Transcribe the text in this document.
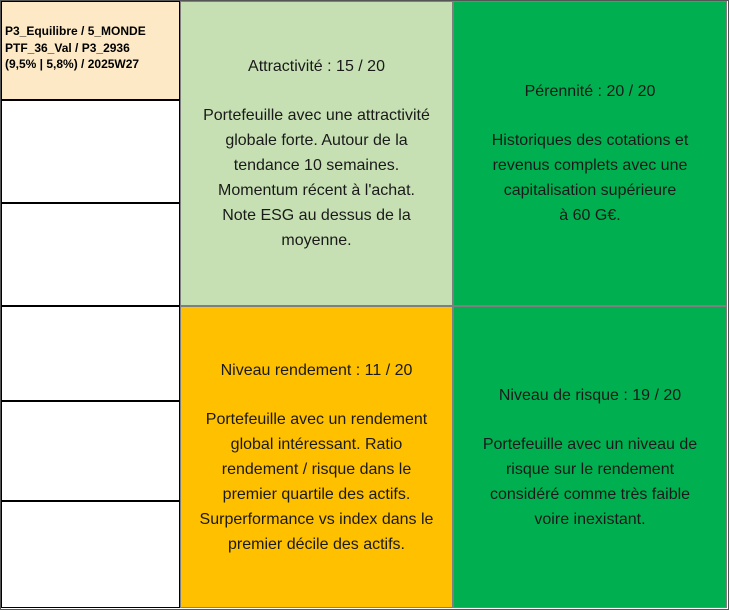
P3_Equilibre / 5_MONDE
PTF_36_Val / P3_2936
(9,5% | 5,8%) / 2025W27	Attractivité : 15 / 20
Portefeuille avec une attractivité
globale forte. Autour de la
tendance 10 semaines.
Momentum récent à l'achat.
Note ESG au dessus de la
moyenne.
Pérennité : 20 / 20
Historiques des cotations et
revenus complets avec une
capitalisation supérieure
à 60 G€.
Niveau rendement : 11 / 20
Portefeuille avec un rendement
global intéressant. Ratio
rendement / risque dans le
premier quartile des actifs.
Surperformance vs index dans le
premier décile des actifs.
Niveau de risque : 19 / 20
Portefeuille avec un niveau de
risque sur le rendement
considéré comme très faible
voire inexistant.
